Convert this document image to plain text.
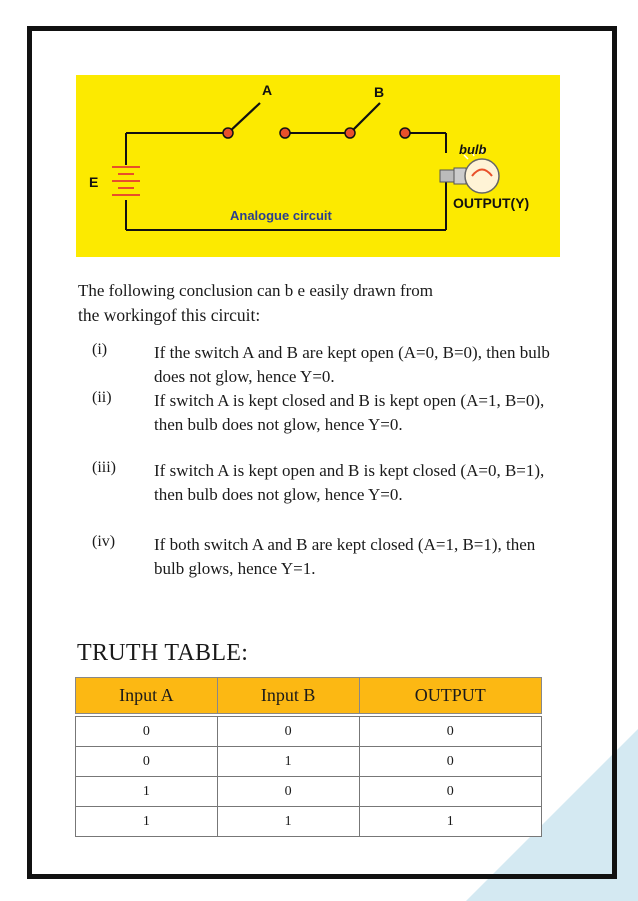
A	B
E
bulb
OUTPUT(Y)
Analogue circuit

The following conclusion can b e easily drawn from
the workingof this circuit:

(i)	If the switch A and B are kept open (A=0, B=0), then bulb does not glow, hence Y=0.
(ii) If switch A is kept closed and B is kept open (A=1, B=0), then bulb does not glow, hence Y=0.
(iii) If switch A is kept open and B is kept closed (A=0, B=1), then bulb does not glow, hence Y=0.
(iv) If both switch A and B are kept closed (A=1, B=1), then bulb glows, hence Y=1.
TRUTH TABLE:
Input A	Input B	OUTPUT

0	0	0
0	1	0
1	0	0
1	1	1
